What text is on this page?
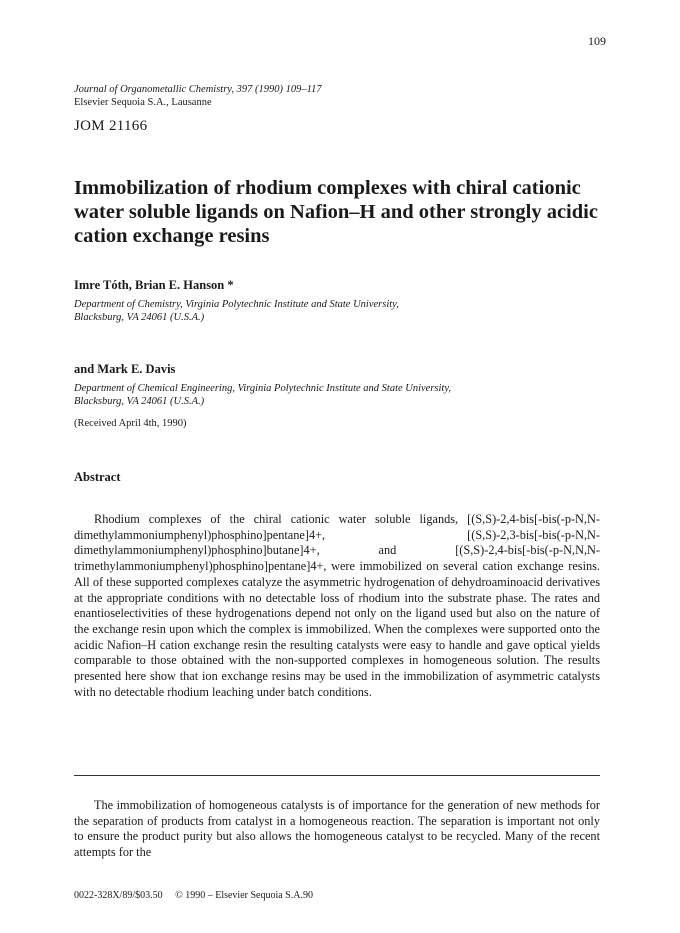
109
Journal of Organometallic Chemistry, 397 (1990) 109–117
Elsevier Sequoia S.A., Lausanne
JOM 21166
Immobilization of rhodium complexes with chiral cationic water soluble ligands on Nafion–H and other strongly acidic cation exchange resins

Imre Tóth, Brian E. Hanson *

Department of Chemistry, Virginia Polytechnic Institute and State University,
Blacksburg, VA 24061 (U.S.A.)

and Mark E. Davis

Department of Chemical Engineering, Virginia Polytechnic Institute and State University,
Blacksburg, VA 24061 (U.S.A.)

(Received April 4th, 1990)
Abstract

Rhodium complexes of the chiral cationic water soluble ligands, [(S,S)-2,4-bis[-bis(-p-N,N-dimethylammoniumphenyl)phosphino]pentane]4+, [(S,S)-2,3-bis[-bis(-p-N,N-dimethylammoniumphenyl)phosphino]butane]4+, and [(S,S)-2,4-bis[-bis(-p-N,N,N-trimethylammoniumphenyl)phosphino]pentane]4+, were immobilized on several cation exchange resins. All of these supported complexes catalyze the asymmetric hydrogenation of dehydroaminoacid derivatives at the appropriate conditions with no detectable loss of rhodium into the substrate phase. The rates and enantioselectivities of these hydrogenations depend not only on the ligand used but also on the nature of the exchange resin upon which the complex is immobilized. When the complexes were supported onto the acidic Nafion–H cation exchange resin the resulting catalysts were easy to handle and gave optical yields comparable to those obtained with the non-supported complexes in homogeneous solution. The results presented here show that ion exchange resins may be used in the immobilization of asymmetric catalysts with no detectable rhodium leaching under batch conditions.

The immobilization of homogeneous catalysts is of importance for the generation of new methods for the separation of products from catalyst in a homogeneous reaction. The separation is important not only to ensure the product purity but also allows the homogeneous catalyst to be recycled. Many of the recent attempts for the

0022-328X/89/$03.50     © 1990 – Elsevier Sequoia S.A.90
